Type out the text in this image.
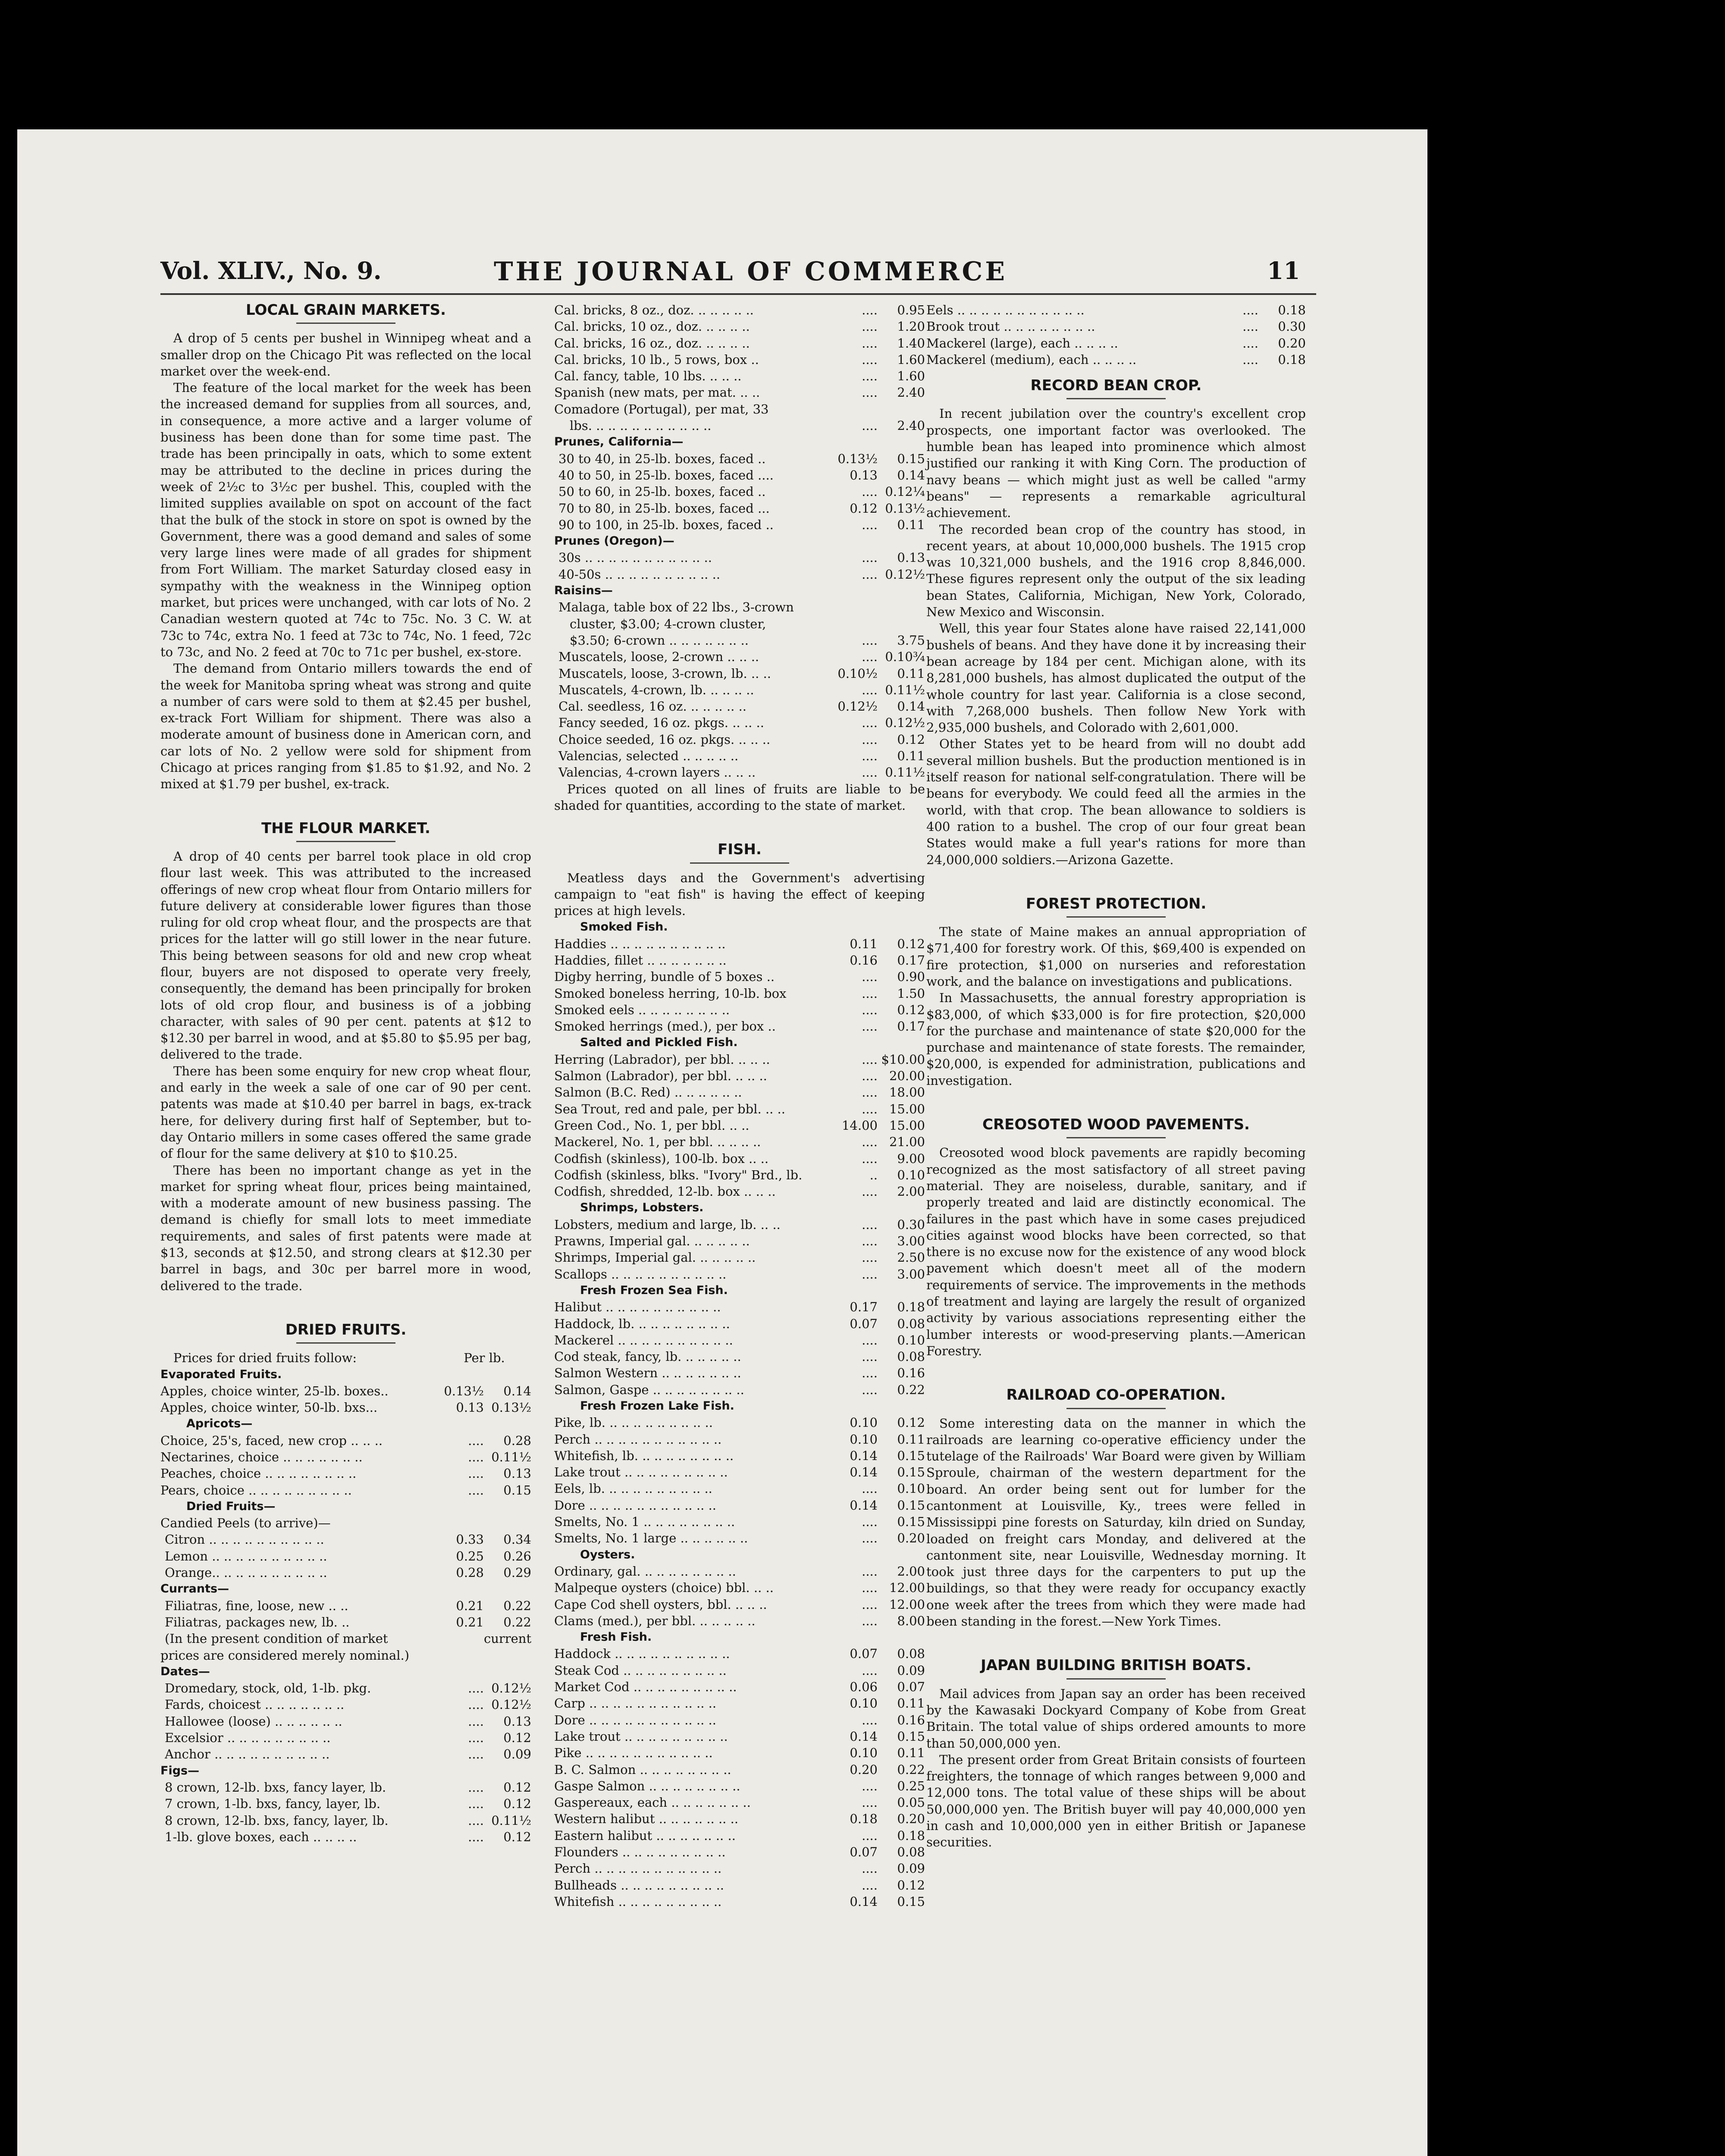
Vol. XLIV., No. 9.	THE JOURNAL OF COMMERCE	11
LOCAL GRAIN MARKETS.

A drop of 5 cents per bushel in Winnipeg wheat and a smaller drop on the Chicago Pit was reflected on the local market over the week-end.

The feature of the local market for the week has been the increased demand for supplies from all sources, and, in consequence, a more active and a larger volume of business has been done than for some time past. The trade has been principally in oats, which to some extent may be attributed to the decline in prices during the week of 2½c to 3½c per bushel. This, coupled with the limited supplies available on spot on account of the fact that the bulk of the stock in store on spot is owned by the Government, there was a good demand and sales of some very large lines were made of all grades for shipment from Fort William. The market Saturday closed easy in sympathy with the weakness in the Winnipeg option market, but prices were unchanged, with car lots of No. 2 Canadian western quoted at 74c to 75c. No. 3 C. W. at 73c to 74c, extra No. 1 feed at 73c to 74c, No. 1 feed, 72c to 73c, and No. 2 feed at 70c to 71c per bushel, ex-store.

The demand from Ontario millers towards the end of the week for Manitoba spring wheat was strong and quite a number of cars were sold to them at $2.45 per bushel, ex-track Fort William for shipment. There was also a moderate amount of business done in American corn, and car lots of No. 2 yellow were sold for shipment from Chicago at prices ranging from $1.85 to $1.92, and No. 2 mixed at $1.79 per bushel, ex-track.

THE FLOUR MARKET.

A drop of 40 cents per barrel took place in old crop flour last week. This was attributed to the increased offerings of new crop wheat flour from Ontario millers for future delivery at considerable lower figures than those ruling for old crop wheat flour, and the prospects are that prices for the latter will go still lower in the near future. This being between seasons for old and new crop wheat flour, buyers are not disposed to operate very freely, consequently, the demand has been principally for broken lots of old crop flour, and business is of a jobbing character, with sales of 90 per cent. patents at $12 to $12.30 per barrel in wood, and at $5.80 to $5.95 per bag, delivered to the trade.

There has been some enquiry for new crop wheat flour, and early in the week a sale of one car of 90 per cent. patents was made at $10.40 per barrel in bags, ex-track here, for delivery during first half of September, but to-day Ontario millers in some cases offered the same grade of flour for the same delivery at $10 to $10.25.

There has been no important change as yet in the market for spring wheat flour, prices being maintained, with a moderate amount of new business passing. The demand is chiefly for small lots to meet immediate requirements, and sales of first patents were made at $13, seconds at $12.50, and strong clears at $12.30 per barrel in bags, and 30c per barrel more in wood, delivered to the trade.

DRIED FRUITS.
Prices for dried fruits follow:	Per lb.
Evaporated Fruits.
Apples, choice winter, 25-lb. boxes..	0.13½	0.14
Apples, choice winter, 50-lb. bxs...	0.13 0.13½
Apricots—
Choice, 25's, faced, new crop .. .. ..	....	0.28
Nectarines, choice .. .. .. .. .. .. ..	.... 0.11½
Peaches, choice .. .. .. .. .. .. .. ..	....	0.13
Pears, choice .. .. .. .. .. .. .. .. ..	....	0.15
Dried Fruits—
Candied Peels (to arrive)—
Citron .. .. .. .. .. .. .. .. .. ..	0.33	0.34
Lemon .. .. .. .. .. .. .. .. .. ..	0.25	0.26
Orange.. .. .. .. .. .. .. .. .. ..	0.28	0.29
Currants—
Filiatras, fine, loose, new .. ..	0.21	0.22
Filiatras, packages new, lb. ..	0.21	0.22
(In the present condition of market	current
prices are considered merely nominal.)
Dates—
Dromedary, stock, old, 1-lb. pkg.	.... 0.12½
Fards, choicest .. .. .. .. .. .. ..	.... 0.12½
Hallowee (loose) .. .. .. .. .. ..	....	0.13
Excelsior .. .. .. .. .. .. .. .. ..	....	0.12
Anchor .. .. .. .. .. .. .. .. .. ..	....	0.09
Figs—
8 crown, 12-lb. bxs, fancy layer, lb.	....	0.12
7 crown, 1-lb. bxs, fancy, layer, lb.	....	0.12
8 crown, 12-lb. bxs, fancy, layer, lb.	.... 0.11½
1-lb. glove boxes, each .. .. .. ..	....	0.12
Cal. bricks, 8 oz., doz. .. .. .. .. ..	....	0.95
Cal. bricks, 10 oz., doz. .. .. .. ..	....	1.20
Cal. bricks, 16 oz., doz. .. .. .. ..	....	1.40
Cal. bricks, 10 lb., 5 rows, box ..	....	1.60
Cal. fancy, table, 10 lbs. .. .. ..	....	1.60
Spanish (new mats, per mat. .. ..	....	2.40
Comadore (Portugal), per mat, 33
lbs. .. .. .. .. .. .. .. .. .. ..	....	2.40
Prunes, California—
30 to 40, in 25-lb. boxes, faced ..	0.13½	0.15
40 to 50, in 25-lb. boxes, faced ....	0.13	0.14
50 to 60, in 25-lb. boxes, faced ..	.... 0.12¼
70 to 80, in 25-lb. boxes, faced ...	0.12 0.13½
90 to 100, in 25-lb. boxes, faced ..	....	0.11
Prunes (Oregon)—
30s .. .. .. .. .. .. .. .. .. .. ..	....	0.13
40-50s .. .. .. .. .. .. .. .. .. ..	.... 0.12½
Raisins—
Malaga, table box of 22 lbs., 3-crown
cluster, $3.00; 4-crown cluster,
$3.50; 6-crown .. .. .. .. .. .. ..	....	3.75
Muscatels, loose, 2-crown .. .. ..	.... 0.10¾
Muscatels, loose, 3-crown, lb. .. ..	0.10½	0.11
Muscatels, 4-crown, lb. .. .. .. ..	.... 0.11½
Cal. seedless, 16 oz. .. .. .. .. ..	0.12½	0.14
Fancy seeded, 16 oz. pkgs. .. .. ..	.... 0.12½
Choice seeded, 16 oz. pkgs. .. .. ..	....	0.12
Valencias, selected .. .. .. .. ..	....	0.11
Valencias, 4-crown layers .. .. ..	.... 0.11½

Prices quoted on all lines of fruits are liable to be shaded for quantities, according to the state of market.

FISH.

Meatless days and the Government's advertising campaign to "eat fish" is having the effect of keeping prices at high levels.

Smoked Fish.
Haddies .. .. .. .. .. .. .. .. .. ..	0.11	0.12
Haddies, fillet .. .. .. .. .. .. ..	0.16	0.17
Digby herring, bundle of 5 boxes ..	....	0.90
Smoked boneless herring, 10-lb. box	....	1.50
Smoked eels .. .. .. .. .. .. .. ..	....	0.12
Smoked herrings (med.), per box ..	....	0.17
Salted and Pickled Fish.
Herring (Labrador), per bbl. .. .. ..	.... $10.00
Salmon (Labrador), per bbl. .. .. ..	.... 20.00
Salmon (B.C. Red) .. .. .. .. .. ..	.... 18.00
Sea Trout, red and pale, per bbl. .. ..	.... 15.00
Green Cod., No. 1, per bbl. .. ..	14.00 15.00
Mackerel, No. 1, per bbl. .. .. .. ..	.... 21.00
Codfish (skinless), 100-lb. box .. ..	....	9.00
Codfish (skinless, blks. "Ivory" Brd., lb.	..	0.10
Codfish, shredded, 12-lb. box .. .. ..	....	2.00
Shrimps, Lobsters.
Lobsters, medium and large, lb. .. ..	....	0.30
Prawns, Imperial gal. .. .. .. .. ..	....	3.00
Shrimps, Imperial gal. .. .. .. .. ..	....	2.50
Scallops .. .. .. .. .. .. .. .. .. ..	....	3.00
Fresh Frozen Sea Fish.
Halibut .. .. .. .. .. .. .. .. .. ..	0.17	0.18
Haddock, lb. .. .. .. .. .. .. .. ..	0.07	0.08
Mackerel .. .. .. .. .. .. .. .. .. ..	....	0.10
Cod steak, fancy, lb. .. .. .. .. ..	....	0.08
Salmon Western .. .. .. .. .. .. ..	....	0.16
Salmon, Gaspe .. .. .. .. .. .. .. ..	....	0.22
Fresh Frozen Lake Fish.
Pike, lb. .. .. .. .. .. .. .. .. ..	0.10	0.12
Perch .. .. .. .. .. .. .. .. .. .. ..	0.10	0.11
Whitefish, lb. .. .. .. .. .. .. .. ..	0.14	0.15
Lake trout .. .. .. .. .. .. .. .. ..	0.14	0.15
Eels, lb. .. .. .. .. .. .. .. .. ..	....	0.10
Dore .. .. .. .. .. .. .. .. .. .. ..	0.14	0.15
Smelts, No. 1 .. .. .. .. .. .. .. ..	....	0.15
Smelts, No. 1 large .. .. .. .. .. ..	....	0.20
Oysters.
Ordinary, gal. .. .. .. .. .. .. .. ..	....	2.00
Malpeque oysters (choice) bbl. .. ..	.... 12.00
Cape Cod shell oysters, bbl. .. .. ..	.... 12.00
Clams (med.), per bbl. .. .. .. .. ..	....	8.00
Fresh Fish.
Haddock .. .. .. .. .. .. .. .. .. ..	0.07	0.08
Steak Cod .. .. .. .. .. .. .. .. ..	....	0.09
Market Cod .. .. .. .. .. .. .. .. ..	0.06	0.07
Carp .. .. .. .. .. .. .. .. .. .. ..	0.10	0.11
Dore .. .. .. .. .. .. .. .. .. .. ..	....	0.16
Lake trout .. .. .. .. .. .. .. .. ..	0.14	0.15
Pike .. .. .. .. .. .. .. .. .. .. ..	0.10	0.11
B. C. Salmon .. .. .. .. .. .. .. ..	0.20	0.22
Gaspe Salmon .. .. .. .. .. .. .. ..	....	0.25
Gaspereaux, each .. .. .. .. .. .. ..	....	0.05
Western halibut .. .. .. .. .. .. ..	0.18	0.20
Eastern halibut .. .. .. .. .. .. ..	....	0.18
Flounders .. .. .. .. .. .. .. .. ..	0.07	0.08
Perch .. .. .. .. .. .. .. .. .. .. ..	....	0.09
Bullheads .. .. .. .. .. .. .. .. ..	....	0.12
Whitefish .. .. .. .. .. .. .. .. ..	0.14	0.15
Eels .. .. .. .. .. .. .. .. .. .. ..	....	0.18
Brook trout .. .. .. .. .. .. .. ..	....	0.30
Mackerel (large), each .. .. .. ..	....	0.20
Mackerel (medium), each .. .. .. ..	....	0.18
RECORD BEAN CROP.

In recent jubilation over the country's excellent crop prospects, one important factor was overlooked. The humble bean has leaped into prominence which almost justified our ranking it with King Corn. The production of navy beans — which might just as well be called "army beans" — represents a remarkable agricultural achievement.

The recorded bean crop of the country has stood, in recent years, at about 10,000,000 bushels. The 1915 crop was 10,321,000 bushels, and the 1916 crop 8,846,000. These figures represent only the output of the six leading bean States, California, Michigan, New York, Colorado, New Mexico and Wisconsin.

Well, this year four States alone have raised 22,141,000 bushels of beans. And they have done it by increasing their bean acreage by 184 per cent. Michigan alone, with its 8,281,000 bushels, has almost duplicated the output of the whole country for last year. California is a close second, with 7,268,000 bushels. Then follow New York with 2,935,000 bushels, and Colorado with 2,601,000.

Other States yet to be heard from will no doubt add several million bushels. But the production mentioned is in itself reason for national self-congratulation. There will be beans for everybody. We could feed all the armies in the world, with that crop. The bean allowance to soldiers is 400 ration to a bushel. The crop of our four great bean States would make a full year's rations for more than 24,000,000 soldiers.—Arizona Gazette.

FOREST PROTECTION.

The state of Maine makes an annual appropriation of $71,400 for forestry work. Of this, $69,400 is expended on fire protection, $1,000 on nurseries and reforestation work, and the balance on investigations and publications.

In Massachusetts, the annual forestry appropriation is $83,000, of which $33,000 is for fire protection, $20,000 for the purchase and maintenance of state $20,000 for the purchase and maintenance of state forests. The remainder, $20,000, is expended for administration, publications and investigation.

CREOSOTED WOOD PAVEMENTS.

Creosoted wood block pavements are rapidly becoming recognized as the most satisfactory of all street paving material. They are noiseless, durable, sanitary, and if properly treated and laid are distinctly economical. The failures in the past which have in some cases prejudiced cities against wood blocks have been corrected, so that there is no excuse now for the existence of any wood block pavement which doesn't meet all of the modern requirements of service. The improvements in the methods of treatment and laying are largely the result of organized activity by various associations representing either the lumber interests or wood-preserving plants.—American Forestry.

RAILROAD CO-OPERATION.

Some interesting data on the manner in which the railroads are learning co-operative efficiency under the tutelage of the Railroads' War Board were given by William Sproule, chairman of the western department for the board. An order being sent out for lumber for the cantonment at Louisville, Ky., trees were felled in Mississippi pine forests on Saturday, kiln dried on Sunday, loaded on freight cars Monday, and delivered at the cantonment site, near Louisville, Wednesday morning. It took just three days for the carpenters to put up the buildings, so that they were ready for occupancy exactly one week after the trees from which they were made had been standing in the forest.—New York Times.

JAPAN BUILDING BRITISH BOATS.

Mail advices from Japan say an order has been received by the Kawasaki Dockyard Company of Kobe from Great Britain. The total value of ships ordered amounts to more than 50,000,000 yen.

The present order from Great Britain consists of fourteen freighters, the tonnage of which ranges between 9,000 and 12,000 tons. The total value of these ships will be about 50,000,000 yen. The British buyer will pay 40,000,000 yen in cash and 10,000,000 yen in either British or Japanese securities.
